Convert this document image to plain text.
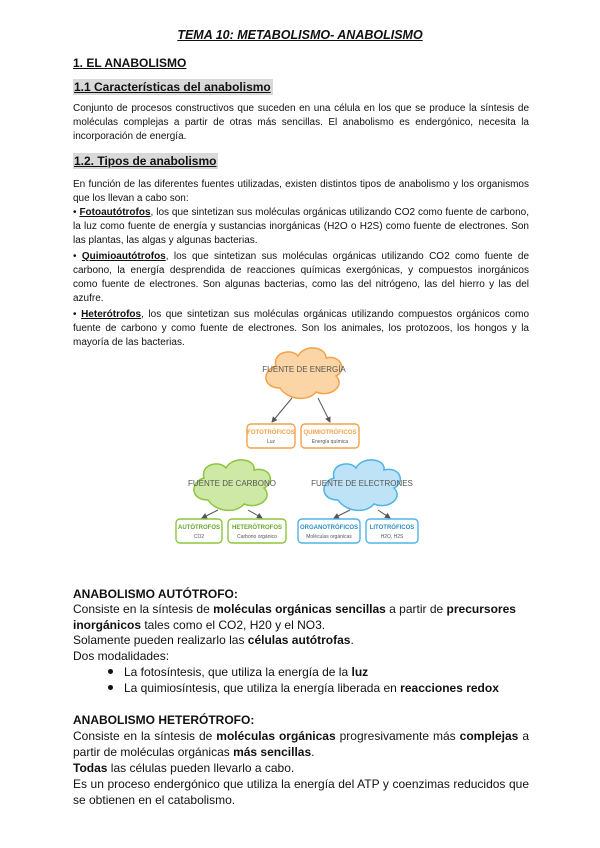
TEMA 10: METABOLISMO- ANABOLISMO
1. EL ANABOLISMO
1.1 Características del anabolismo
Conjunto de procesos constructivos que suceden en una célula en los que se produce la síntesis de moléculas complejas a partir de otras más sencillas. El anabolismo es endergónico, necesita la incorporación de energía.
1.2. Tipos de anabolismo
En función de las diferentes fuentes utilizadas, existen distintos tipos de anabolismo y los organismos que los llevan a cabo son:
• Fotoautótrofos, los que sintetizan sus moléculas orgánicas utilizando CO2 como fuente de carbono, la luz como fuente de energía y sustancias inorgánicas (H2O o H2S) como fuente de electrones. Son las plantas, las algas y algunas bacterias.
• Quimioautótrofos, los que sintetizan sus moléculas orgánicas utilizando CO2 como fuente de carbono, la energía desprendida de reacciones químicas exergónicas, y compuestos inorgánicos como fuente de electrones. Son algunas bacterias, como las del nitrógeno, las del hierro y las del azufre.
• Heterótrofos, los que sintetizan sus moléculas orgánicas utilizando compuestos orgánicos como fuente de carbono y como fuente de electrones. Son los animales, los protozoos, los hongos y la mayoría de las bacterias.
FUENTE DE ENERGÍA
FOTOTRÓFICOS
Luz
QUIMIOTRÓFICOS
Energía química
FUENTE DE CARBONO
AUTÓTROFOS
CO2
HETERÓTROFOS
Carbono orgánico
FUENTE DE ELECTRONES
ORGANOTRÓFICOS
Moléculas orgánicas
LITOTRÓFICOS
H2O, H2S
ANABOLISMO AUTÓTROFO:
Consiste en la síntesis de moléculas orgánicas sencillas a partir de precursores inorgánicos tales como el CO2, H20 y el NO3.
Solamente pueden realizarlo las células autótrofas.
Dos modalidades:
La fotosíntesis, que utiliza la energía de la luz
La quimiosíntesis, que utiliza la energía liberada en reacciones redox
ANABOLISMO HETERÓTROFO:
Consiste en la síntesis de moléculas orgánicas progresivamente más complejas a partir de moléculas orgánicas más sencillas.
Todas las células pueden llevarlo a cabo.
Es un proceso endergónico que utiliza la energía del ATP y coenzimas reducidos que se obtienen en el catabolismo.
